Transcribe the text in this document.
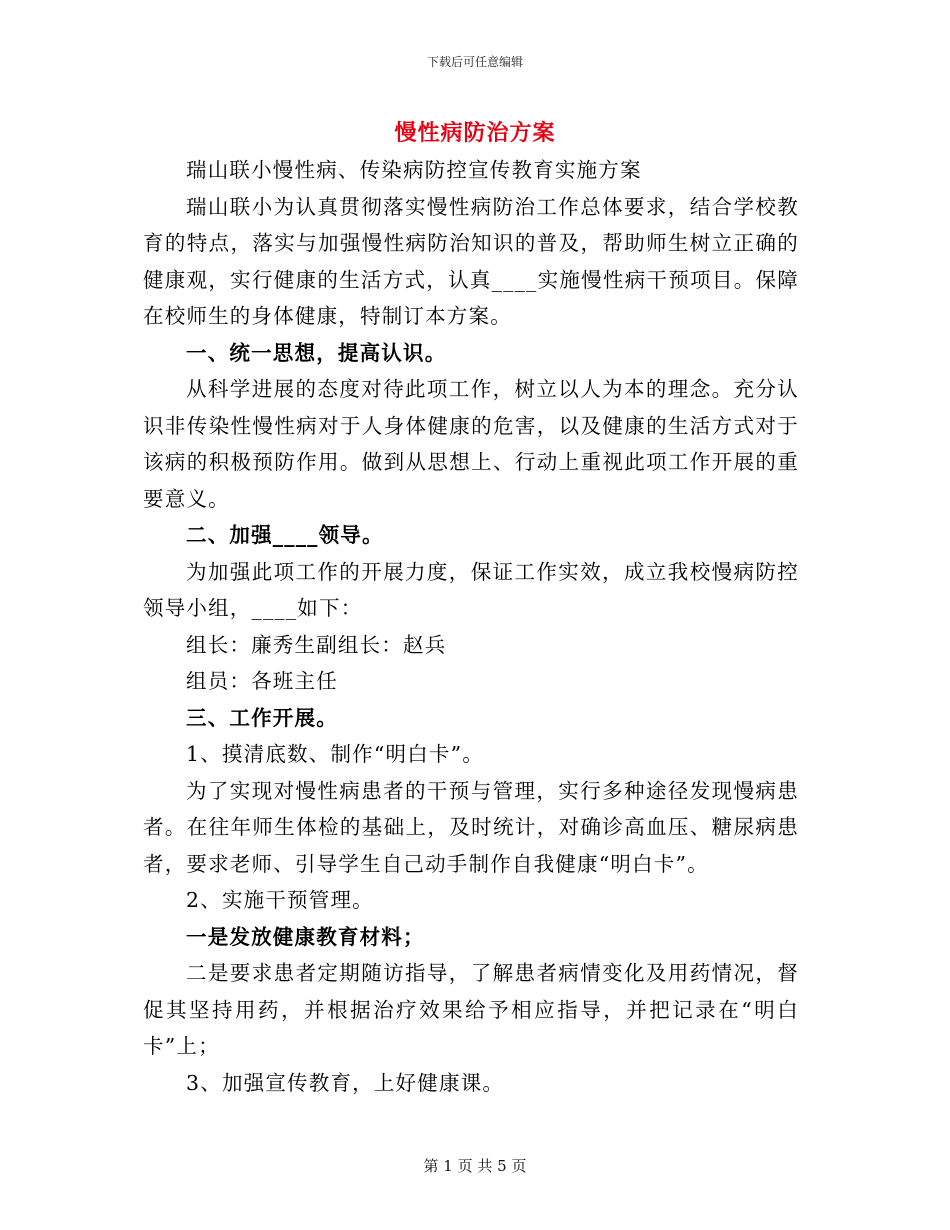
下载后可任意编辑
慢性病防治方案

瑞山联小慢性病、传染病防控宣传教育实施方案

瑞山联小为认真贯彻落实慢性病防治工作总体要求，结合学校教育的特点，落实与加强慢性病防治知识的普及，帮助师生树立正确的健康观，实行健康的生活方式，认真____实施慢性病干预项目。保障在校师生的身体健康，特制订本方案。

一、统一思想，提高认识。

从科学进展的态度对待此项工作，树立以人为本的理念。充分认识非传染性慢性病对于人身体健康的危害，以及健康的生活方式对于该病的积极预防作用。做到从思想上、行动上重视此项工作开展的重要意义。

二、加强____领导。

为加强此项工作的开展力度，保证工作实效，成立我校慢病防控领导小组，____如下：

组长：廉秀生副组长：赵兵

组员：各班主任

三、工作开展。

1、摸清底数、制作“明白卡”。

为了实现对慢性病患者的干预与管理，实行多种途径发现慢病患者。在往年师生体检的基础上，及时统计，对确诊高血压、糖尿病患者，要求老师、引导学生自己动手制作自我健康“明白卡”。

2、实施干预管理。

一是发放健康教育材料；

二是要求患者定期随访指导，了解患者病情变化及用药情况，督促其坚持用药，并根据治疗效果给予相应指导，并把记录在“明白卡”上；

3、加强宣传教育，上好健康课。

第 1 页 共 5 页
